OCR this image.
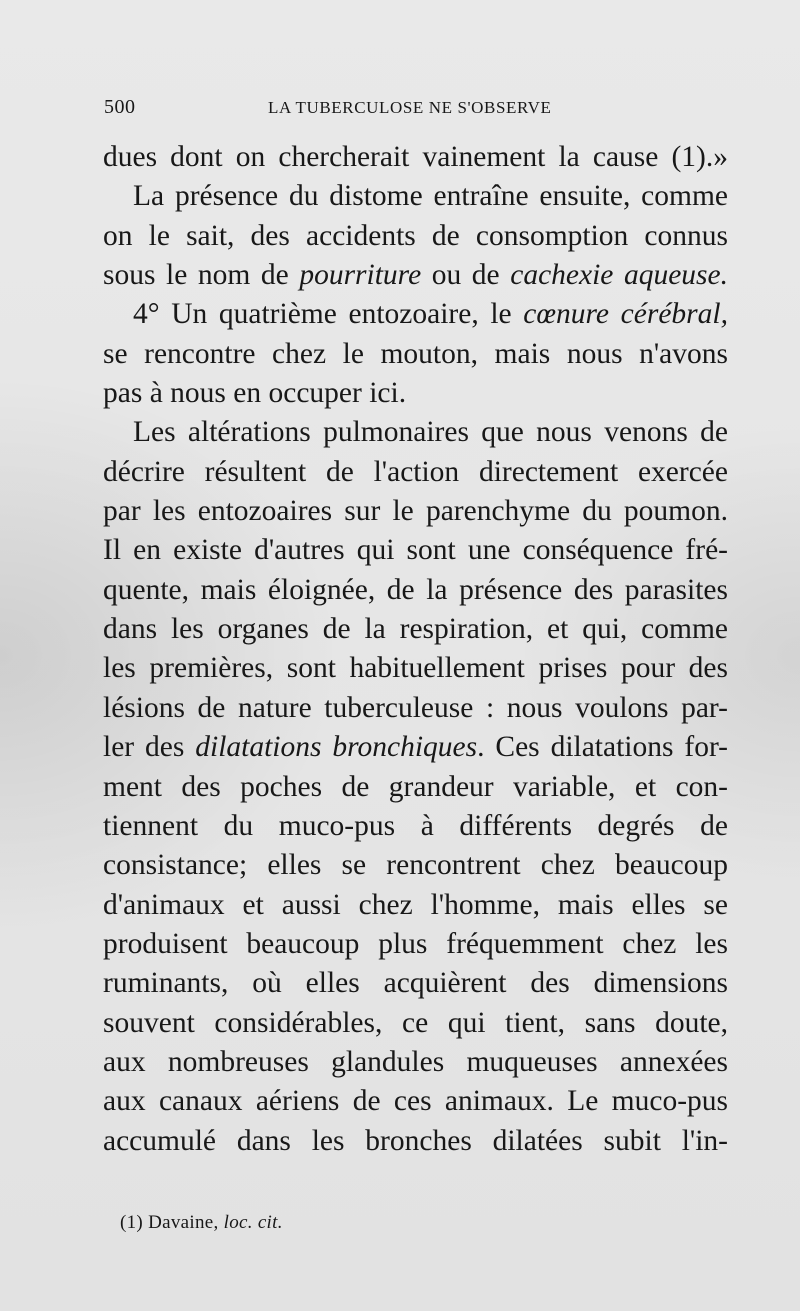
500	LA TUBERCULOSE NE S'OBSERVE
dues dont on chercherait vainement la cause (1).»
La présence du distome entraîne ensuite, comme
on le sait, des accidents de consomption connus
sous le nom de pourriture ou de cachexie aqueuse.
4° Un quatrième entozoaire, le cœnure cérébral,
se rencontre chez le mouton, mais nous n'avons
pas à nous en occuper ici.
Les altérations pulmonaires que nous venons de
décrire résultent de l'action directement exercée
par les entozoaires sur le parenchyme du poumon.
Il en existe d'autres qui sont une conséquence fré-
quente, mais éloignée, de la présence des parasites
dans les organes de la respiration, et qui, comme
les premières, sont habituellement prises pour des
lésions de nature tuberculeuse : nous voulons par-
ler des dilatations bronchiques. Ces dilatations for-
ment des poches de grandeur variable, et con-
tiennent du muco-pus à différents degrés de
consistance; elles se rencontrent chez beaucoup
d'animaux et aussi chez l'homme, mais elles se
produisent beaucoup plus fréquemment chez les
ruminants, où elles acquièrent des dimensions
souvent considérables, ce qui tient, sans doute,
aux nombreuses glandules muqueuses annexées
aux canaux aériens de ces animaux. Le muco-pus
accumulé dans les bronches dilatées subit l'in-
(1) Davaine, loc. cit.
